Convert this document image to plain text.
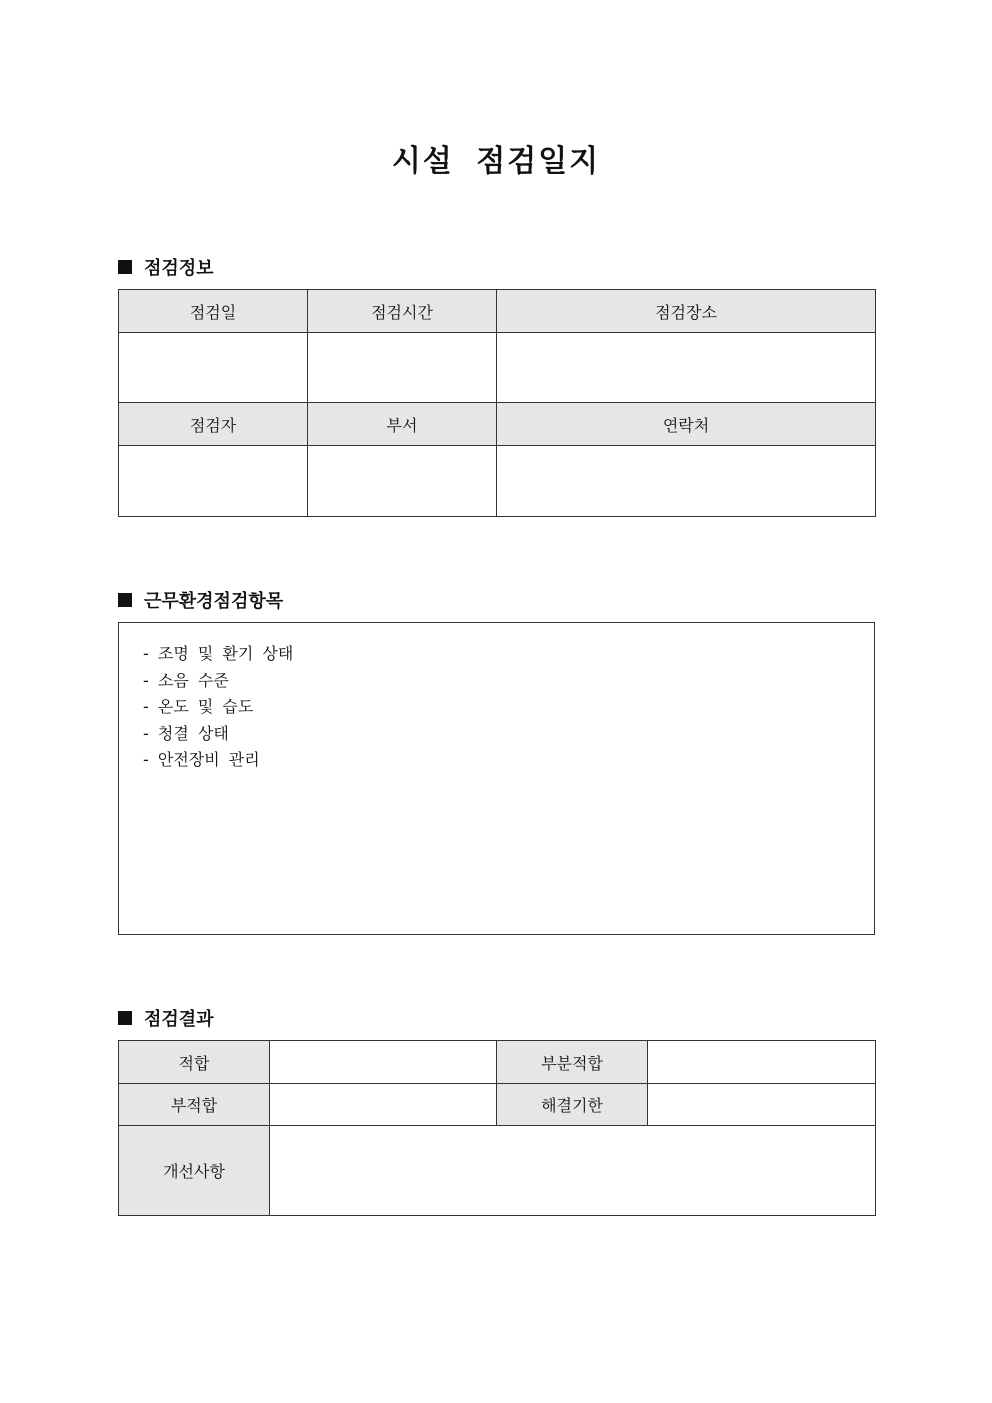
시설 점검일지
점검정보
점검일	점검시간	점검장소

점검자	부서	연락처

근무환경점검항목
- 조명 및 환기 상태
- 소음 수준
- 온도 및 습도
- 청결 상태
- 안전장비 관리
점검결과
적합		부분적합	
부적합		해결기한	
개선사항			
